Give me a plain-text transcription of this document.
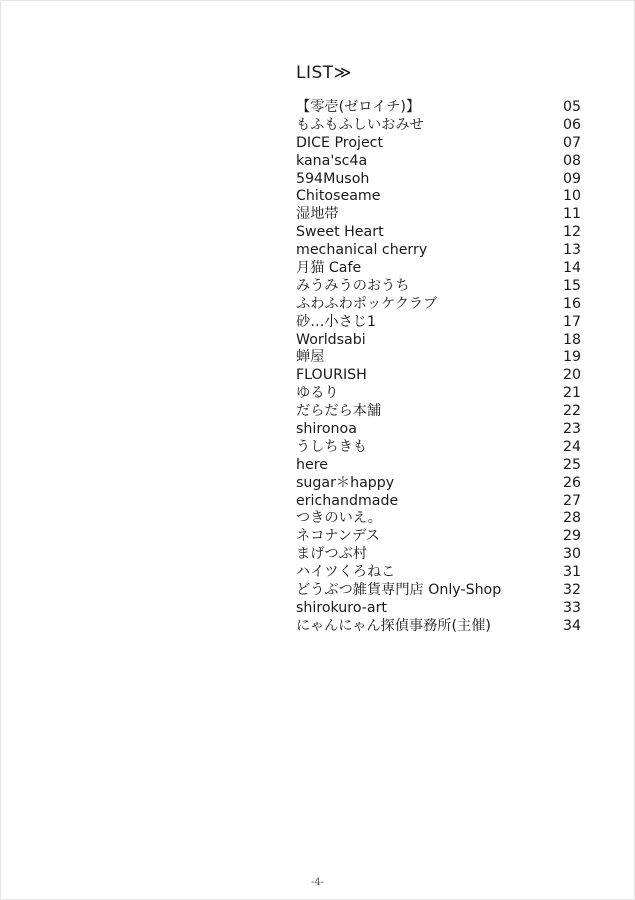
LIST≫
【零壱(ゼロイチ)】	05
もふもふしいおみせ	06
DICE Project	07
kana'sc4a	08
594Musoh	09
Chitoseame	10
湿地帯	11
Sweet Heart	12
mechanical cherry	13
月猫 Cafe	14
みうみうのおうち	15
ふわふわポッケクラブ	16
砂…小さじ1	17
Worldsabi	18
蝉屋	19
FLOURISH	20
ゆるり	21
だらだら本舗	22
shironoa	23
うしちきも	24
here	25
sugar＊happy	26
erichandmade	27
つきのいえ。	28
ネコナンデス	29
まげつぶ村	30
ハイツくろねこ	31
どうぶつ雑貨専門店 Only-Shop	32
shirokuro-art	33
にゃんにゃん探偵事務所(主催)	34
-4-
